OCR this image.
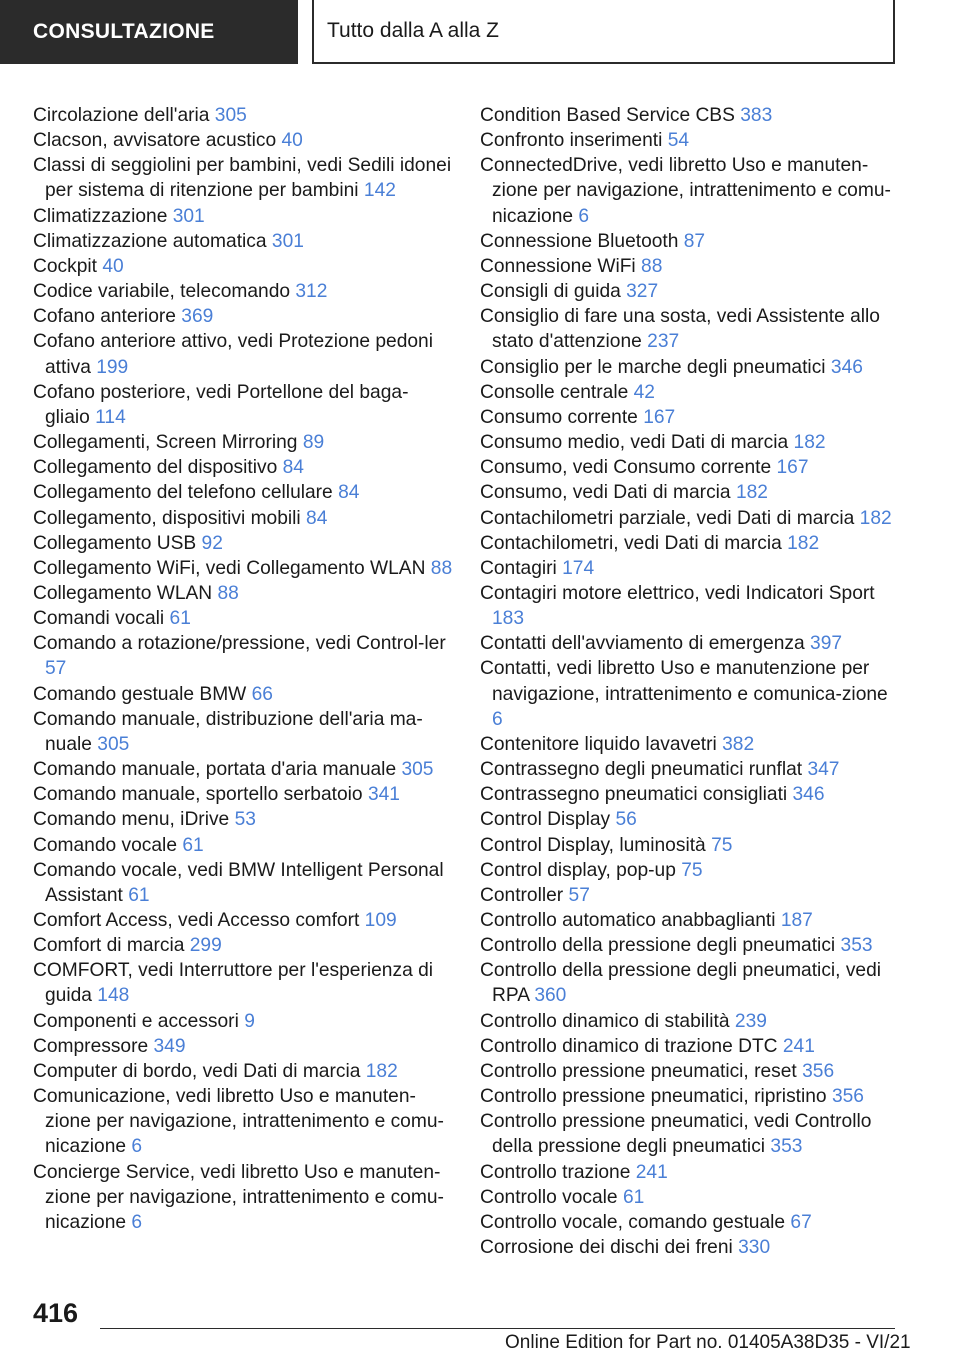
CONSULTAZIONE	Tutto dalla A alla Z

Circolazione dell'aria 305

Clacson, avvisatore acustico 40

Classi di seggiolini per bambini, vedi Sedili idonei per sistema di ritenzione per bambini 142

Climatizzazione 301

Climatizzazione automatica 301

Cockpit 40

Codice variabile, telecomando 312

Cofano anteriore 369

Cofano anteriore attivo, vedi Protezione pedoni attiva 199

Cofano posteriore, vedi Portellone del baga-gliaio 114

Collegamenti, Screen Mirroring 89

Collegamento del dispositivo 84

Collegamento del telefono cellulare 84

Collegamento, dispositivi mobili 84

Collegamento USB 92

Collegamento WiFi, vedi Collegamento WLAN 88

Collegamento WLAN 88

Comandi vocali 61

Comando a rotazione/pressione, vedi Control-ler 57

Comando gestuale BMW 66

Comando manuale, distribuzione dell'aria ma-nuale 305

Comando manuale, portata d'aria manuale 305

Comando manuale, sportello serbatoio 341

Comando menu, iDrive 53

Comando vocale 61

Comando vocale, vedi BMW Intelligent Personal Assistant 61

Comfort Access, vedi Accesso comfort 109

Comfort di marcia 299

COMFORT, vedi Interruttore per l'esperienza di guida 148

Componenti e accessori 9

Compressore 349

Computer di bordo, vedi Dati di marcia 182

Comunicazione, vedi libretto Uso e manuten-zione per navigazione, intrattenimento e comu-nicazione 6

Concierge Service, vedi libretto Uso e manuten-zione per navigazione, intrattenimento e comu-nicazione 6

Condition Based Service CBS 383

Confronto inserimenti 54

ConnectedDrive, vedi libretto Uso e manuten-zione per navigazione, intrattenimento e comu-nicazione 6

Connessione Bluetooth 87

Connessione WiFi 88

Consigli di guida 327

Consiglio di fare una sosta, vedi Assistente allo stato d'attenzione 237

Consiglio per le marche degli pneumatici 346

Consolle centrale 42

Consumo corrente 167

Consumo medio, vedi Dati di marcia 182

Consumo, vedi Consumo corrente 167

Consumo, vedi Dati di marcia 182

Contachilometri parziale, vedi Dati di marcia 182

Contachilometri, vedi Dati di marcia 182

Contagiri 174

Contagiri motore elettrico, vedi Indicatori Sport 183

Contatti dell'avviamento di emergenza 397

Contatti, vedi libretto Uso e manutenzione per navigazione, intrattenimento e comunica-zione 6

Contenitore liquido lavavetri 382

Contrassegno degli pneumatici runflat 347

Contrassegno pneumatici consigliati 346

Control Display 56

Control Display, luminosità 75

Control display, pop-up 75

Controller 57

Controllo automatico anabbaglianti 187

Controllo della pressione degli pneumatici 353

Controllo della pressione degli pneumatici, vedi RPA 360

Controllo dinamico di stabilità 239

Controllo dinamico di trazione DTC 241

Controllo pressione pneumatici, reset 356

Controllo pressione pneumatici, ripristino 356

Controllo pressione pneumatici, vedi Controllo della pressione degli pneumatici 353

Controllo trazione 241

Controllo vocale 61

Controllo vocale, comando gestuale 67

Corrosione dei dischi dei freni 330

416
Online Edition for Part no. 01405A38D35 - VI/21
